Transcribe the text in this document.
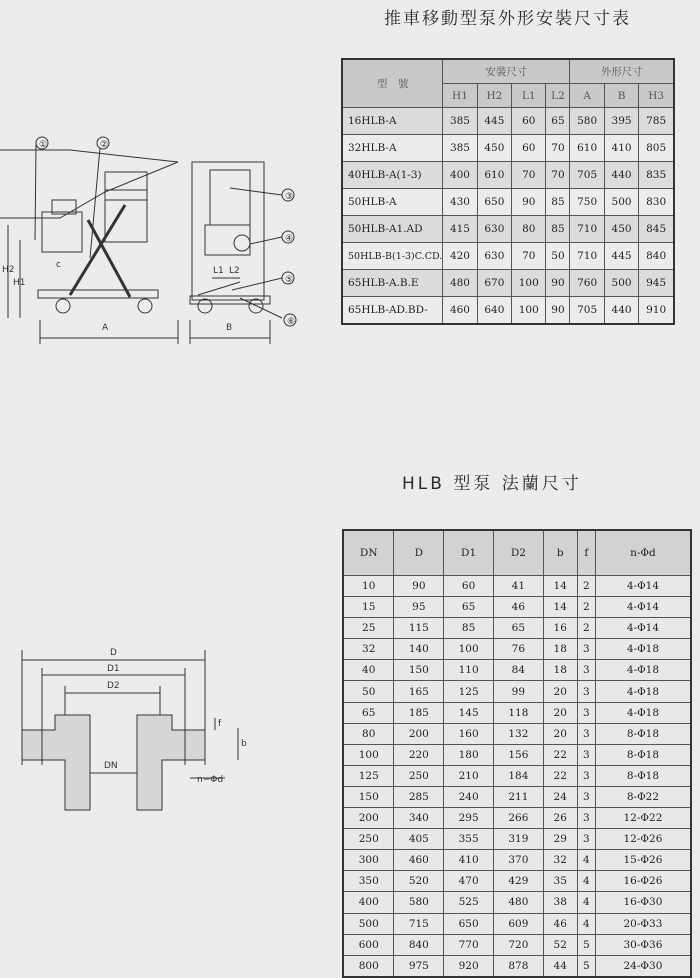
推車移動型泵外形安裝尺寸表
型　號	安裝尺寸				外形尺寸		
	H1	H2	L1	L2	A	B	H3
16HLB-A	385	445	60	65	580	395	785
32HLB-A	385	450	60	70	610	410	805
40HLB-A(1-3)	400	610	70	70	705	440	835
50HLB-A	430	650	90	85	750	500	830
50HLB-A1.AD	415	630	80	85	710	450	845
50HLB-B(1-3)C.CD.	420	630	70	50	710	445	840
65HLB-A.B.E	480	670	100	90	760	500	945
65HLB-AD.BD-	460	640	100	90	705	440	910
①	②
③
④
⑤
⑥
H2
H1
c
A	B
L1 L2
D
D1
D2
DN
f
b
n−Φd
HLB 型泵 法蘭尺寸
DN	D	D1	D2	b	f	n-Φd
10	90	60	41	14	2	4-Φ14
15	95	65	46	14	2	4-Φ14
25	115	85	65	16	2	4-Φ14
32	140	100	76	18	3	4-Φ18
40	150	110	84	18	3	4-Φ18
50	165	125	99	20	3	4-Φ18
65	185	145	118	20	3	4-Φ18
80	200	160	132	20	3	8-Φ18
100	220	180	156	22	3	8-Φ18
125	250	210	184	22	3	8-Φ18
150	285	240	211	24	3	8-Φ22
200	340	295	266	26	3	12-Φ22
250	405	355	319	29	3	12-Φ26
300	460	410	370	32	4	15-Φ26
350	520	470	429	35	4	16-Φ26
400	580	525	480	38	4	16-Φ30
500	715	650	609	46	4	20-Φ33
600	840	770	720	52	5	30-Φ36
800	975	920	878	44	5	24-Φ30
